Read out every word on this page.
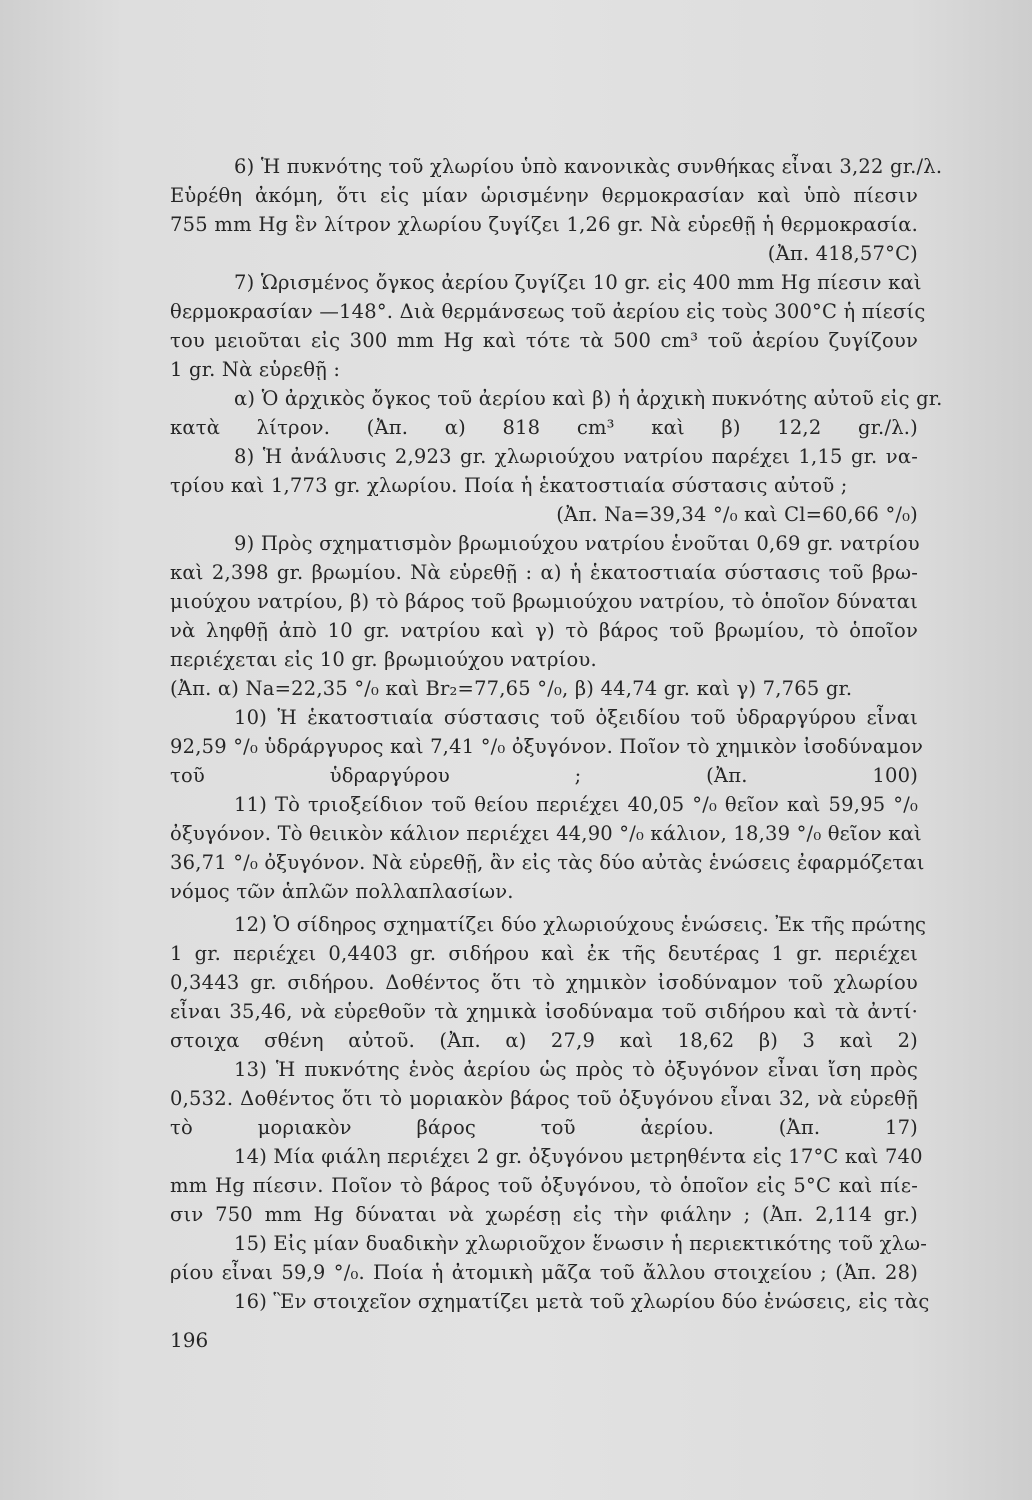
6) Ἡ πυκνότης τοῦ χλωρίου ὑπὸ κανονικὰς συνθήκας εἶναι 3,22 gr./λ.
Εὑρέθη ἀκόμη, ὅτι εἰς μίαν ὡρισμένην θερμοκρασίαν καὶ ὑπὸ πίεσιν
755 mm Hg ἓν λίτρον χλωρίου ζυγίζει 1,26 gr. Νὰ εὑρεθῇ ἡ θερμοκρασία.
(Ἀπ. 418,57°C)
7) Ὡρισμένος ὄγκος ἀερίου ζυγίζει 10 gr. εἰς 400 mm Hg πίεσιν καὶ
θερμοκρασίαν —148°. Διὰ θερμάνσεως τοῦ ἀερίου εἰς τοὺς 300°C ἡ πίεσίς
του μειοῦται εἰς 300 mm Hg καὶ τότε τὰ 500 cm³ τοῦ ἀερίου ζυγίζουν
1 gr. Νὰ εὑρεθῇ :
α) Ὁ ἀρχικὸς ὄγκος τοῦ ἀερίου καὶ β) ἡ ἀρχικὴ πυκνότης αὐτοῦ εἰς gr.
κατὰ λίτρον. (Ἀπ. α) 818 cm³ καὶ β) 12,2 gr./λ.)
8) Ἡ ἀνάλυσις 2,923 gr. χλωριούχου νατρίου παρέχει 1,15 gr. να-
τρίου καὶ 1,773 gr. χλωρίου. Ποία ἡ ἑκατοστιαία σύστασις αὐτοῦ ;
(Ἀπ. Na=39,34 °/₀ καὶ Cl=60,66 °/₀)
9) Πρὸς σχηματισμὸν βρωμιούχου νατρίου ἑνοῦται 0,69 gr. νατρίου
καὶ 2,398 gr. βρωμίου. Νὰ εὑρεθῇ : α) ἡ ἑκατοστιαία σύστασις τοῦ βρω-
μιούχου νατρίου, β) τὸ βάρος τοῦ βρωμιούχου νατρίου, τὸ ὁποῖον δύναται
νὰ ληφθῇ ἀπὸ 10 gr. νατρίου καὶ γ) τὸ βάρος τοῦ βρωμίου, τὸ ὁποῖον
περιέχεται εἰς 10 gr. βρωμιούχου νατρίου.
(Ἀπ. α) Na=22,35 °/₀ καὶ Br₂=77,65 °/₀, β) 44,74 gr. καὶ γ) 7,765 gr.
10) Ἡ ἑκατοστιαία σύστασις τοῦ ὀξειδίου τοῦ ὑδραργύρου εἶναι
92,59 °/₀ ὑδράργυρος καὶ 7,41 °/₀ ὀξυγόνον. Ποῖον τὸ χημικὸν ἰσοδύναμον
τοῦ ὑδραργύρου ; (Ἀπ. 100)
11) Τὸ τριοξείδιον τοῦ θείου περιέχει 40,05 °/₀ θεῖον καὶ 59,95 °/₀
ὀξυγόνον. Τὸ θειικὸν κάλιον περιέχει 44,90 °/₀ κάλιον, 18,39 °/₀ θεῖον καὶ
36,71 °/₀ ὀξυγόνον. Νὰ εὑρεθῇ, ἂν εἰς τὰς δύο αὐτὰς ἑνώσεις ἐφαρμόζεται
νόμος τῶν ἁπλῶν πολλαπλασίων.
12) Ὁ σίδηρος σχηματίζει δύο χλωριούχους ἑνώσεις. Ἐκ τῆς πρώτης
1 gr. περιέχει 0,4403 gr. σιδήρου καὶ ἐκ τῆς δευτέρας 1 gr. περιέχει
0,3443 gr. σιδήρου. Δοθέντος ὅτι τὸ χημικὸν ἰσοδύναμον τοῦ χλωρίου
εἶναι 35,46, νὰ εὑρεθοῦν τὰ χημικὰ ἰσοδύναμα τοῦ σιδήρου καὶ τὰ ἀντί·
στοιχα σθένη αὐτοῦ. (Ἀπ. α) 27,9 καὶ 18,62 β) 3 καὶ 2)
13) Ἡ πυκνότης ἑνὸς ἀερίου ὡς πρὸς τὸ ὀξυγόνον εἶναι ἴση πρὸς
0,532. Δοθέντος ὅτι τὸ μοριακὸν βάρος τοῦ ὀξυγόνου εἶναι 32, νὰ εὑρεθῇ
τὸ μοριακὸν βάρος τοῦ ἀερίου. (Ἀπ. 17)
14) Μία φιάλη περιέχει 2 gr. ὀξυγόνου μετρηθέντα εἰς 17°C καὶ 740
mm Hg πίεσιν. Ποῖον τὸ βάρος τοῦ ὀξυγόνου, τὸ ὁποῖον εἰς 5°C καὶ πίε-
σιν 750 mm Hg δύναται νὰ χωρέσῃ εἰς τὴν φιάλην ; (Ἀπ. 2,114 gr.)
15) Εἰς μίαν δυαδικὴν χλωριοῦχον ἕνωσιν ἡ περιεκτικότης τοῦ χλω-
ρίου εἶναι 59,9 °/₀. Ποία ἡ ἀτομικὴ μᾶζα τοῦ ἄλλου στοιχείου ; (Ἀπ. 28)
16) Ἓν στοιχεῖον σχηματίζει μετὰ τοῦ χλωρίου δύο ἑνώσεις, εἰς τὰς
196
